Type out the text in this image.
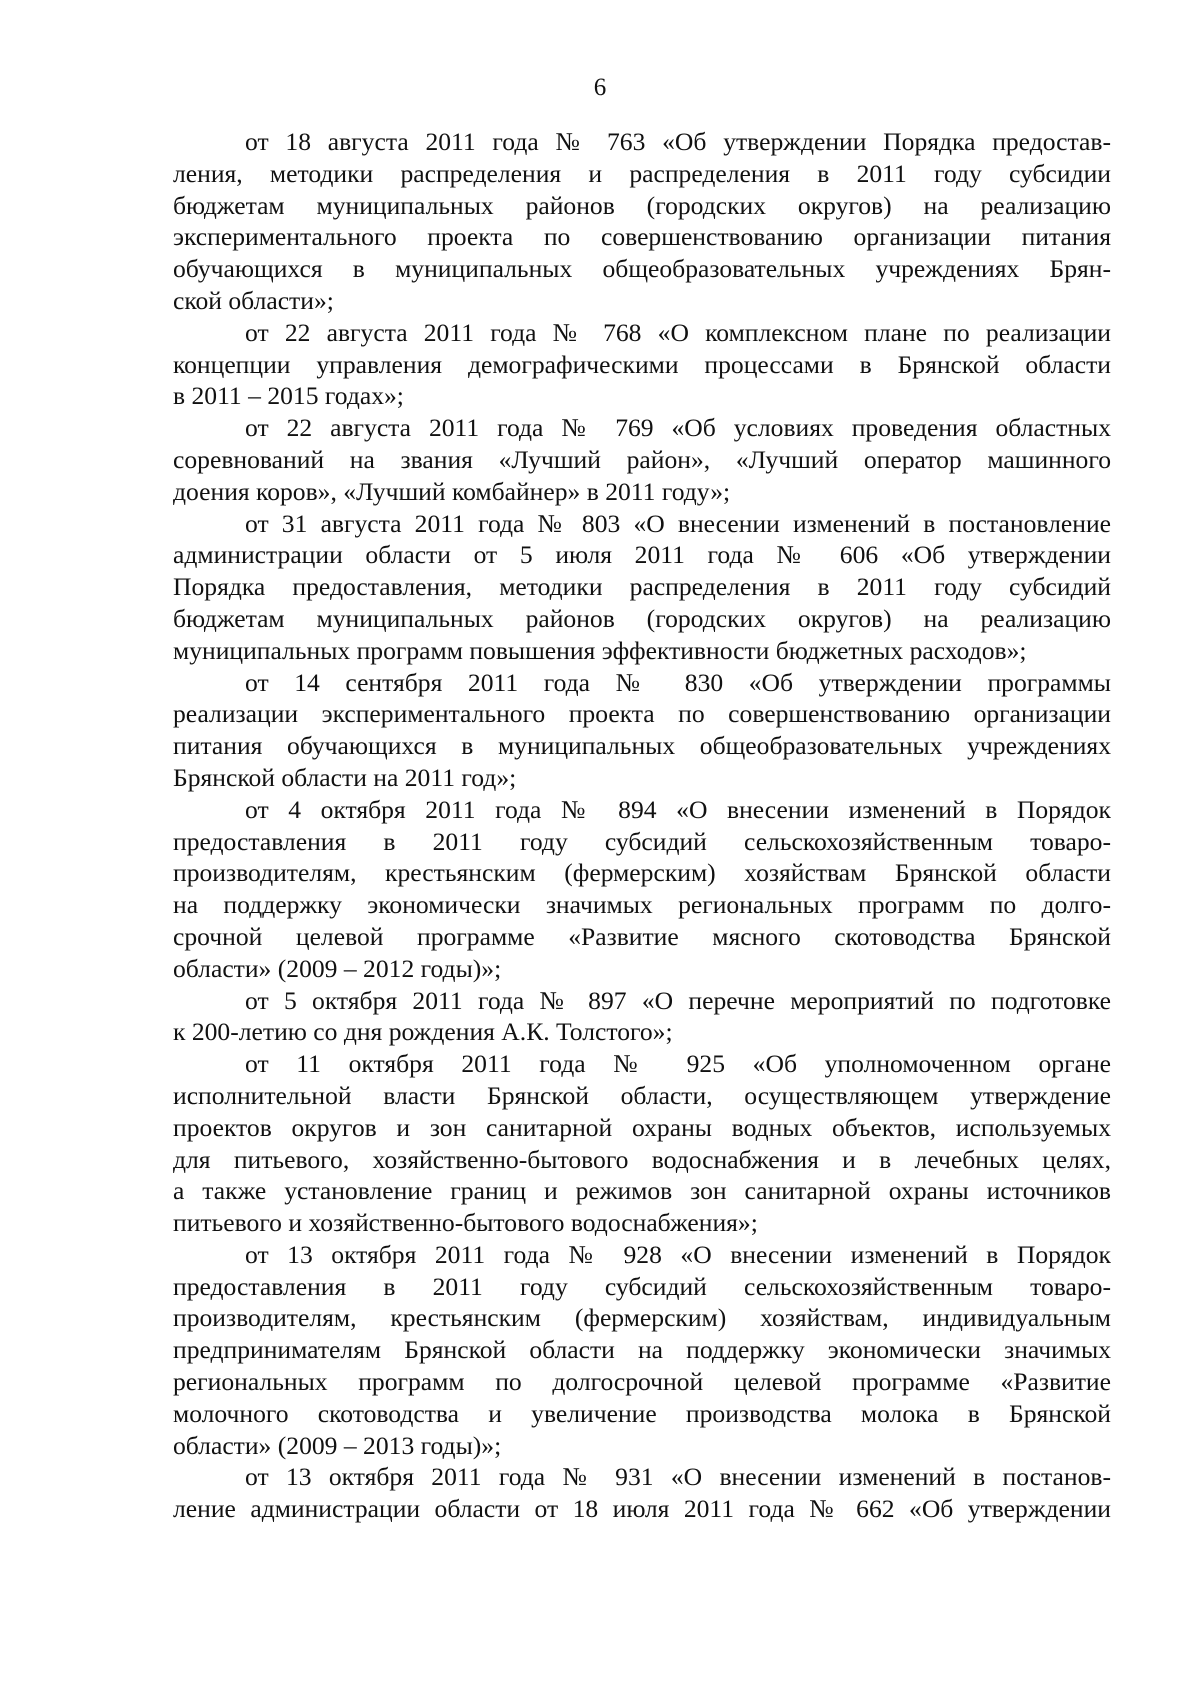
6
от 18 августа 2011 года № 763 «Об утверждении Порядка предостав-
ления, методики распределения и распределения в 2011 году субсидии
бюджетам муниципальных районов (городских округов) на реализацию
экспериментального проекта по совершенствованию организации питания
обучающихся в муниципальных общеобразовательных учреждениях Брян-
ской области»;
от 22 августа 2011 года № 768 «О комплексном плане по реализации
концепции управления демографическими процессами в Брянской области
в 2011 – 2015 годах»;
от 22 августа 2011 года № 769 «Об условиях проведения областных
соревнований на звания «Лучший район», «Лучший оператор машинного
доения коров», «Лучший комбайнер» в 2011 году»;
от 31 августа 2011 года № 803 «О внесении изменений в постановление
администрации области от 5 июля 2011 года № 606 «Об утверждении
Порядка предоставления, методики распределения в 2011 году субсидий
бюджетам муниципальных районов (городских округов) на реализацию
муниципальных программ повышения эффективности бюджетных расходов»;
от 14 сентября 2011 года № 830 «Об утверждении программы
реализации экспериментального проекта по совершенствованию организации
питания обучающихся в муниципальных общеобразовательных учреждениях
Брянской области на 2011 год»;
от 4 октября 2011 года № 894 «О внесении изменений в Порядок
предоставления в 2011 году субсидий сельскохозяйственным товаро-
производителям, крестьянским (фермерским) хозяйствам Брянской области
на поддержку экономически значимых региональных программ по долго-
срочной целевой программе «Развитие мясного скотоводства Брянской
области» (2009 – 2012 годы)»;
от 5 октября 2011 года № 897 «О перечне мероприятий по подготовке
к 200-летию со дня рождения А.К. Толстого»;
от 11 октября 2011 года № 925 «Об уполномоченном органе
исполнительной власти Брянской области, осуществляющем утверждение
проектов округов и зон санитарной охраны водных объектов, используемых
для питьевого, хозяйственно-бытового водоснабжения и в лечебных целях,
а также установление границ и режимов зон санитарной охраны источников
питьевого и хозяйственно-бытового водоснабжения»;
от 13 октября 2011 года № 928 «О внесении изменений в Порядок
предоставления в 2011 году субсидий сельскохозяйственным товаро-
производителям, крестьянским (фермерским) хозяйствам, индивидуальным
предпринимателям Брянской области на поддержку экономически значимых
региональных программ по долгосрочной целевой программе «Развитие
молочного скотоводства и увеличение производства молока в Брянской
области» (2009 – 2013 годы)»;
от 13 октября 2011 года № 931 «О внесении изменений в постанов-
ление администрации области от 18 июля 2011 года № 662 «Об утверждении
